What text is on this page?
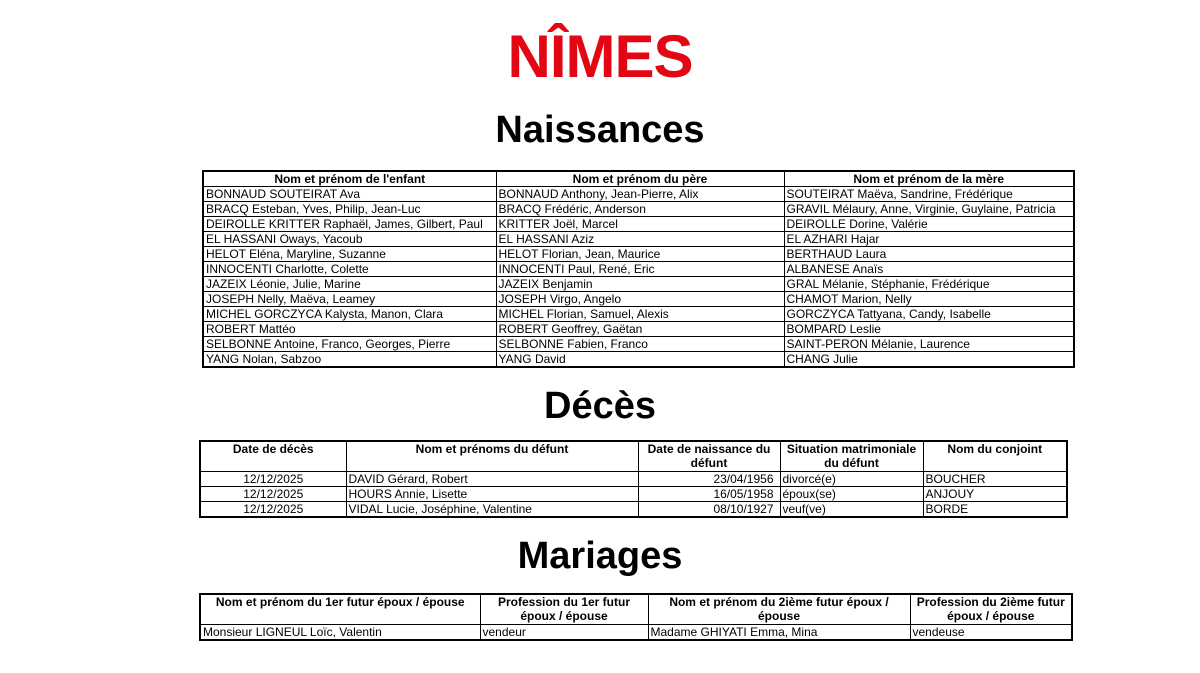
NÎMES
Naissances
Nom et prénom de l'enfant	Nom et prénom du père	Nom et prénom de la mère
BONNAUD SOUTEIRAT Ava	BONNAUD Anthony, Jean-Pierre, Alix	SOUTEIRAT Maëva, Sandrine, Frédérique
BRACQ Esteban, Yves, Philip, Jean-Luc	BRACQ Frédéric, Anderson	GRAVIL Mélaury, Anne, Virginie, Guylaine, Patricia
DEIROLLE KRITTER Raphaël, James, Gilbert, Paul	KRITTER Joël, Marcel	DEIROLLE Dorine, Valérie
EL HASSANI Oways, Yacoub	EL HASSANI Aziz	EL AZHARI Hajar
HELOT Eléna, Maryline, Suzanne	HELOT Florian, Jean, Maurice	BERTHAUD Laura
INNOCENTI Charlotte, Colette	INNOCENTI Paul, René, Eric	ALBANESE Anaïs
JAZEIX Léonie, Julie, Marine	JAZEIX Benjamin	GRAL Mélanie, Stéphanie, Frédérique
JOSEPH Nelly, Maëva, Leamey	JOSEPH Virgo, Angelo	CHAMOT Marion, Nelly
MICHEL GORCZYCA Kalysta, Manon, Clara	MICHEL Florian, Samuel, Alexis	GORCZYCA Tattyana, Candy, Isabelle
ROBERT Mattéo	ROBERT Geoffrey, Gaëtan	BOMPARD Leslie
SELBONNE Antoine, Franco, Georges, Pierre	SELBONNE Fabien, Franco	SAINT-PERON Mélanie, Laurence
YANG Nolan, Sabzoo	YANG David	CHANG Julie
Décès
Date de décès	Nom et prénoms du défunt	Date de naissance du défunt	Situation matrimoniale du défunt	Nom du conjoint
12/12/2025	DAVID Gérard, Robert	23/04/1956	divorcé(e)	BOUCHER
12/12/2025	HOURS Annie, Lisette	16/05/1958	époux(se)	ANJOUY
12/12/2025	VIDAL Lucie, Joséphine, Valentine	08/10/1927	veuf(ve)	BORDE
Mariages
Nom et prénom du 1er futur époux / épouse	Profession du 1er futur époux / épouse	Nom et prénom du 2ième futur époux / épouse	Profession du 2ième futur époux / épouse
Monsieur LIGNEUL Loïc, Valentin	vendeur	Madame GHIYATI Emma, Mina	vendeuse
